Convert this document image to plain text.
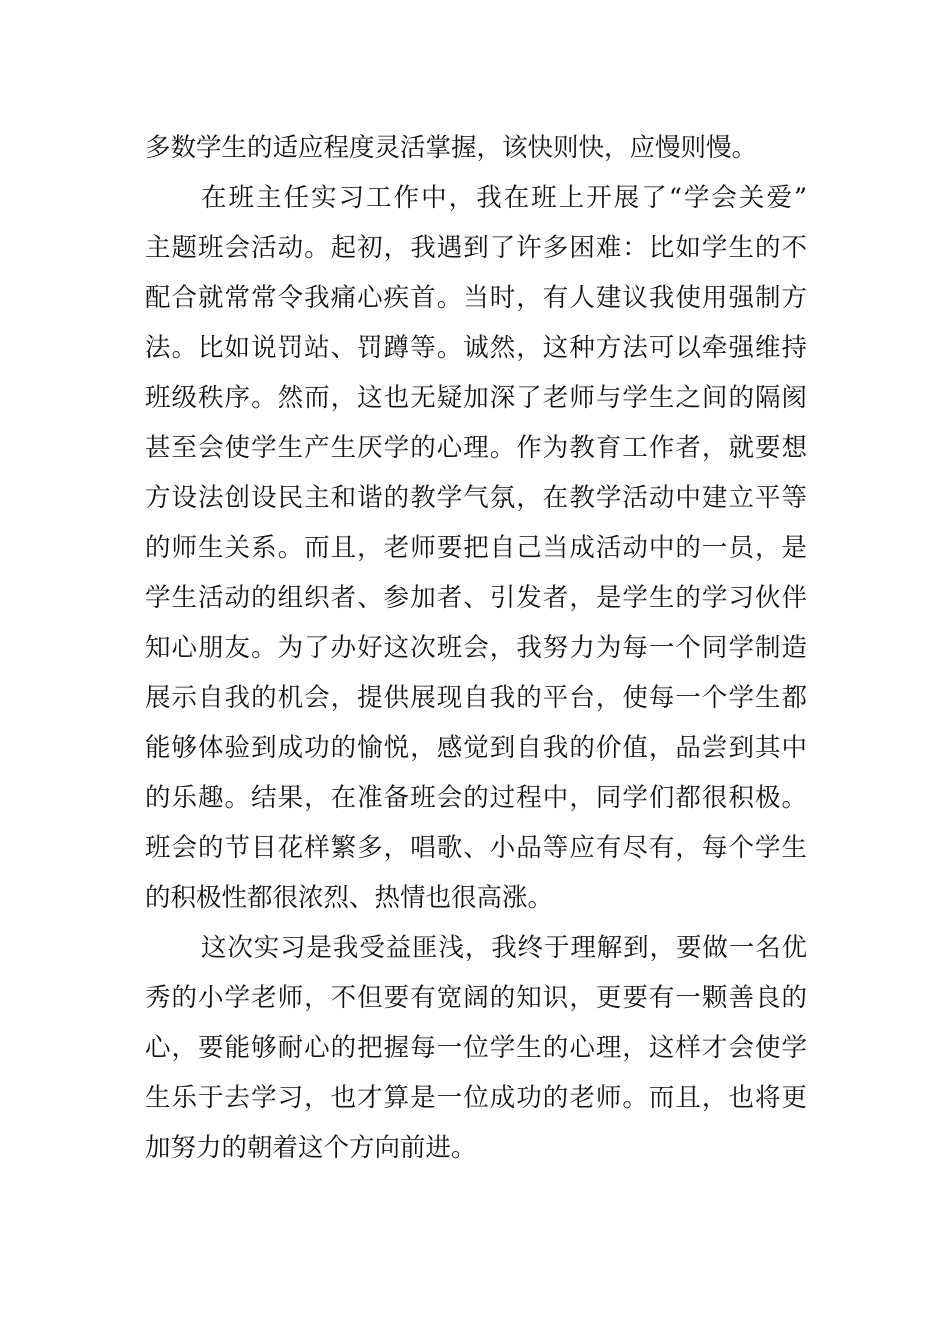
多数学生的适应程度灵活掌握，该快则快，应慢则慢。
在班主任实习工作中，我在班上开展了“学会关爱”
主题班会活动。起初，我遇到了许多困难：比如学生的不
配合就常常令我痛心疾首。当时，有人建议我使用强制方
法。比如说罚站、罚蹲等。诚然，这种方法可以牵强维持
班级秩序。然而，这也无疑加深了老师与学生之间的隔阂
甚至会使学生产生厌学的心理。作为教育工作者，就要想
方设法创设民主和谐的教学气氛，在教学活动中建立平等
的师生关系。而且，老师要把自己当成活动中的一员，是
学生活动的组织者、参加者、引发者，是学生的学习伙伴
知心朋友。为了办好这次班会，我努力为每一个同学制造
展示自我的机会，提供展现自我的平台，使每一个学生都
能够体验到成功的愉悦，感觉到自我的价值，品尝到其中
的乐趣。结果，在准备班会的过程中，同学们都很积极。
班会的节目花样繁多，唱歌、小品等应有尽有，每个学生
的积极性都很浓烈、热情也很高涨。
这次实习是我受益匪浅，我终于理解到，要做一名优
秀的小学老师，不但要有宽阔的知识，更要有一颗善良的
心，要能够耐心的把握每一位学生的心理，这样才会使学
生乐于去学习，也才算是一位成功的老师。而且，也将更
加努力的朝着这个方向前进。
